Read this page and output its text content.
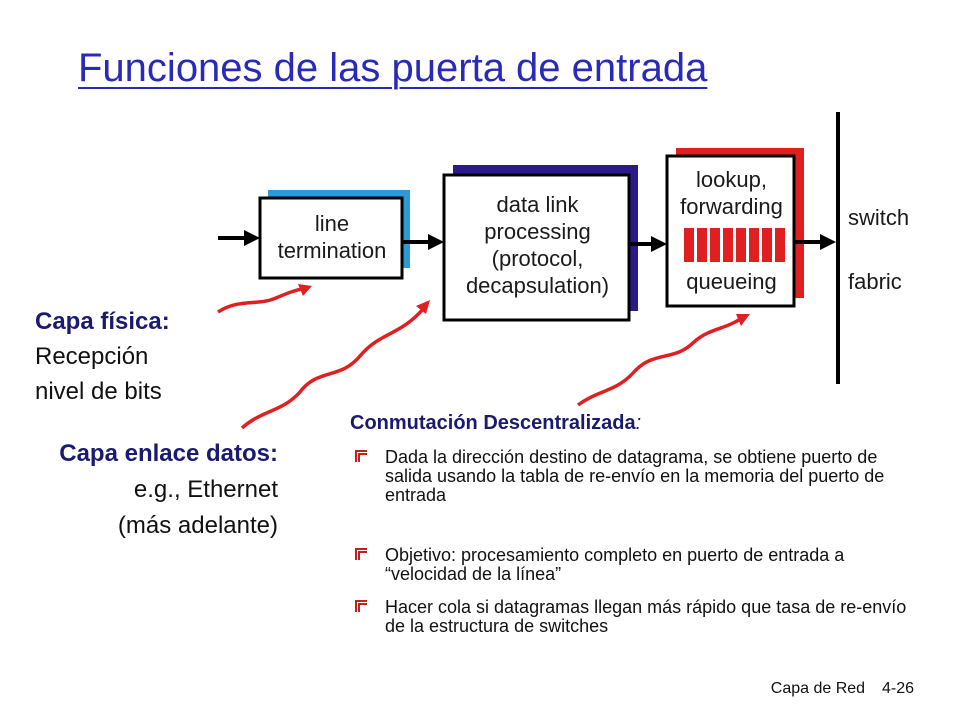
Funciones de las puerta de entrada
line
termination
data link
processing
(protocol,
decapsulation)
lookup,
forwarding
queueing
switch
fabric
Capa física:
Recepción
nivel de bits
Capa enlace datos:
e.g., Ethernet
(más adelante)
Conmutación Descentralizada:
Dada la dirección destino de datagrama, se obtiene puerto de salida usando la tabla de re-envío en la memoria del puerto de entrada
Objetivo: procesamiento completo en puerto de entrada a “velocidad de la línea”
Hacer cola si datagramas llegan más rápido que tasa de re-envío de la estructura de switches
Capa de Red 4-26
